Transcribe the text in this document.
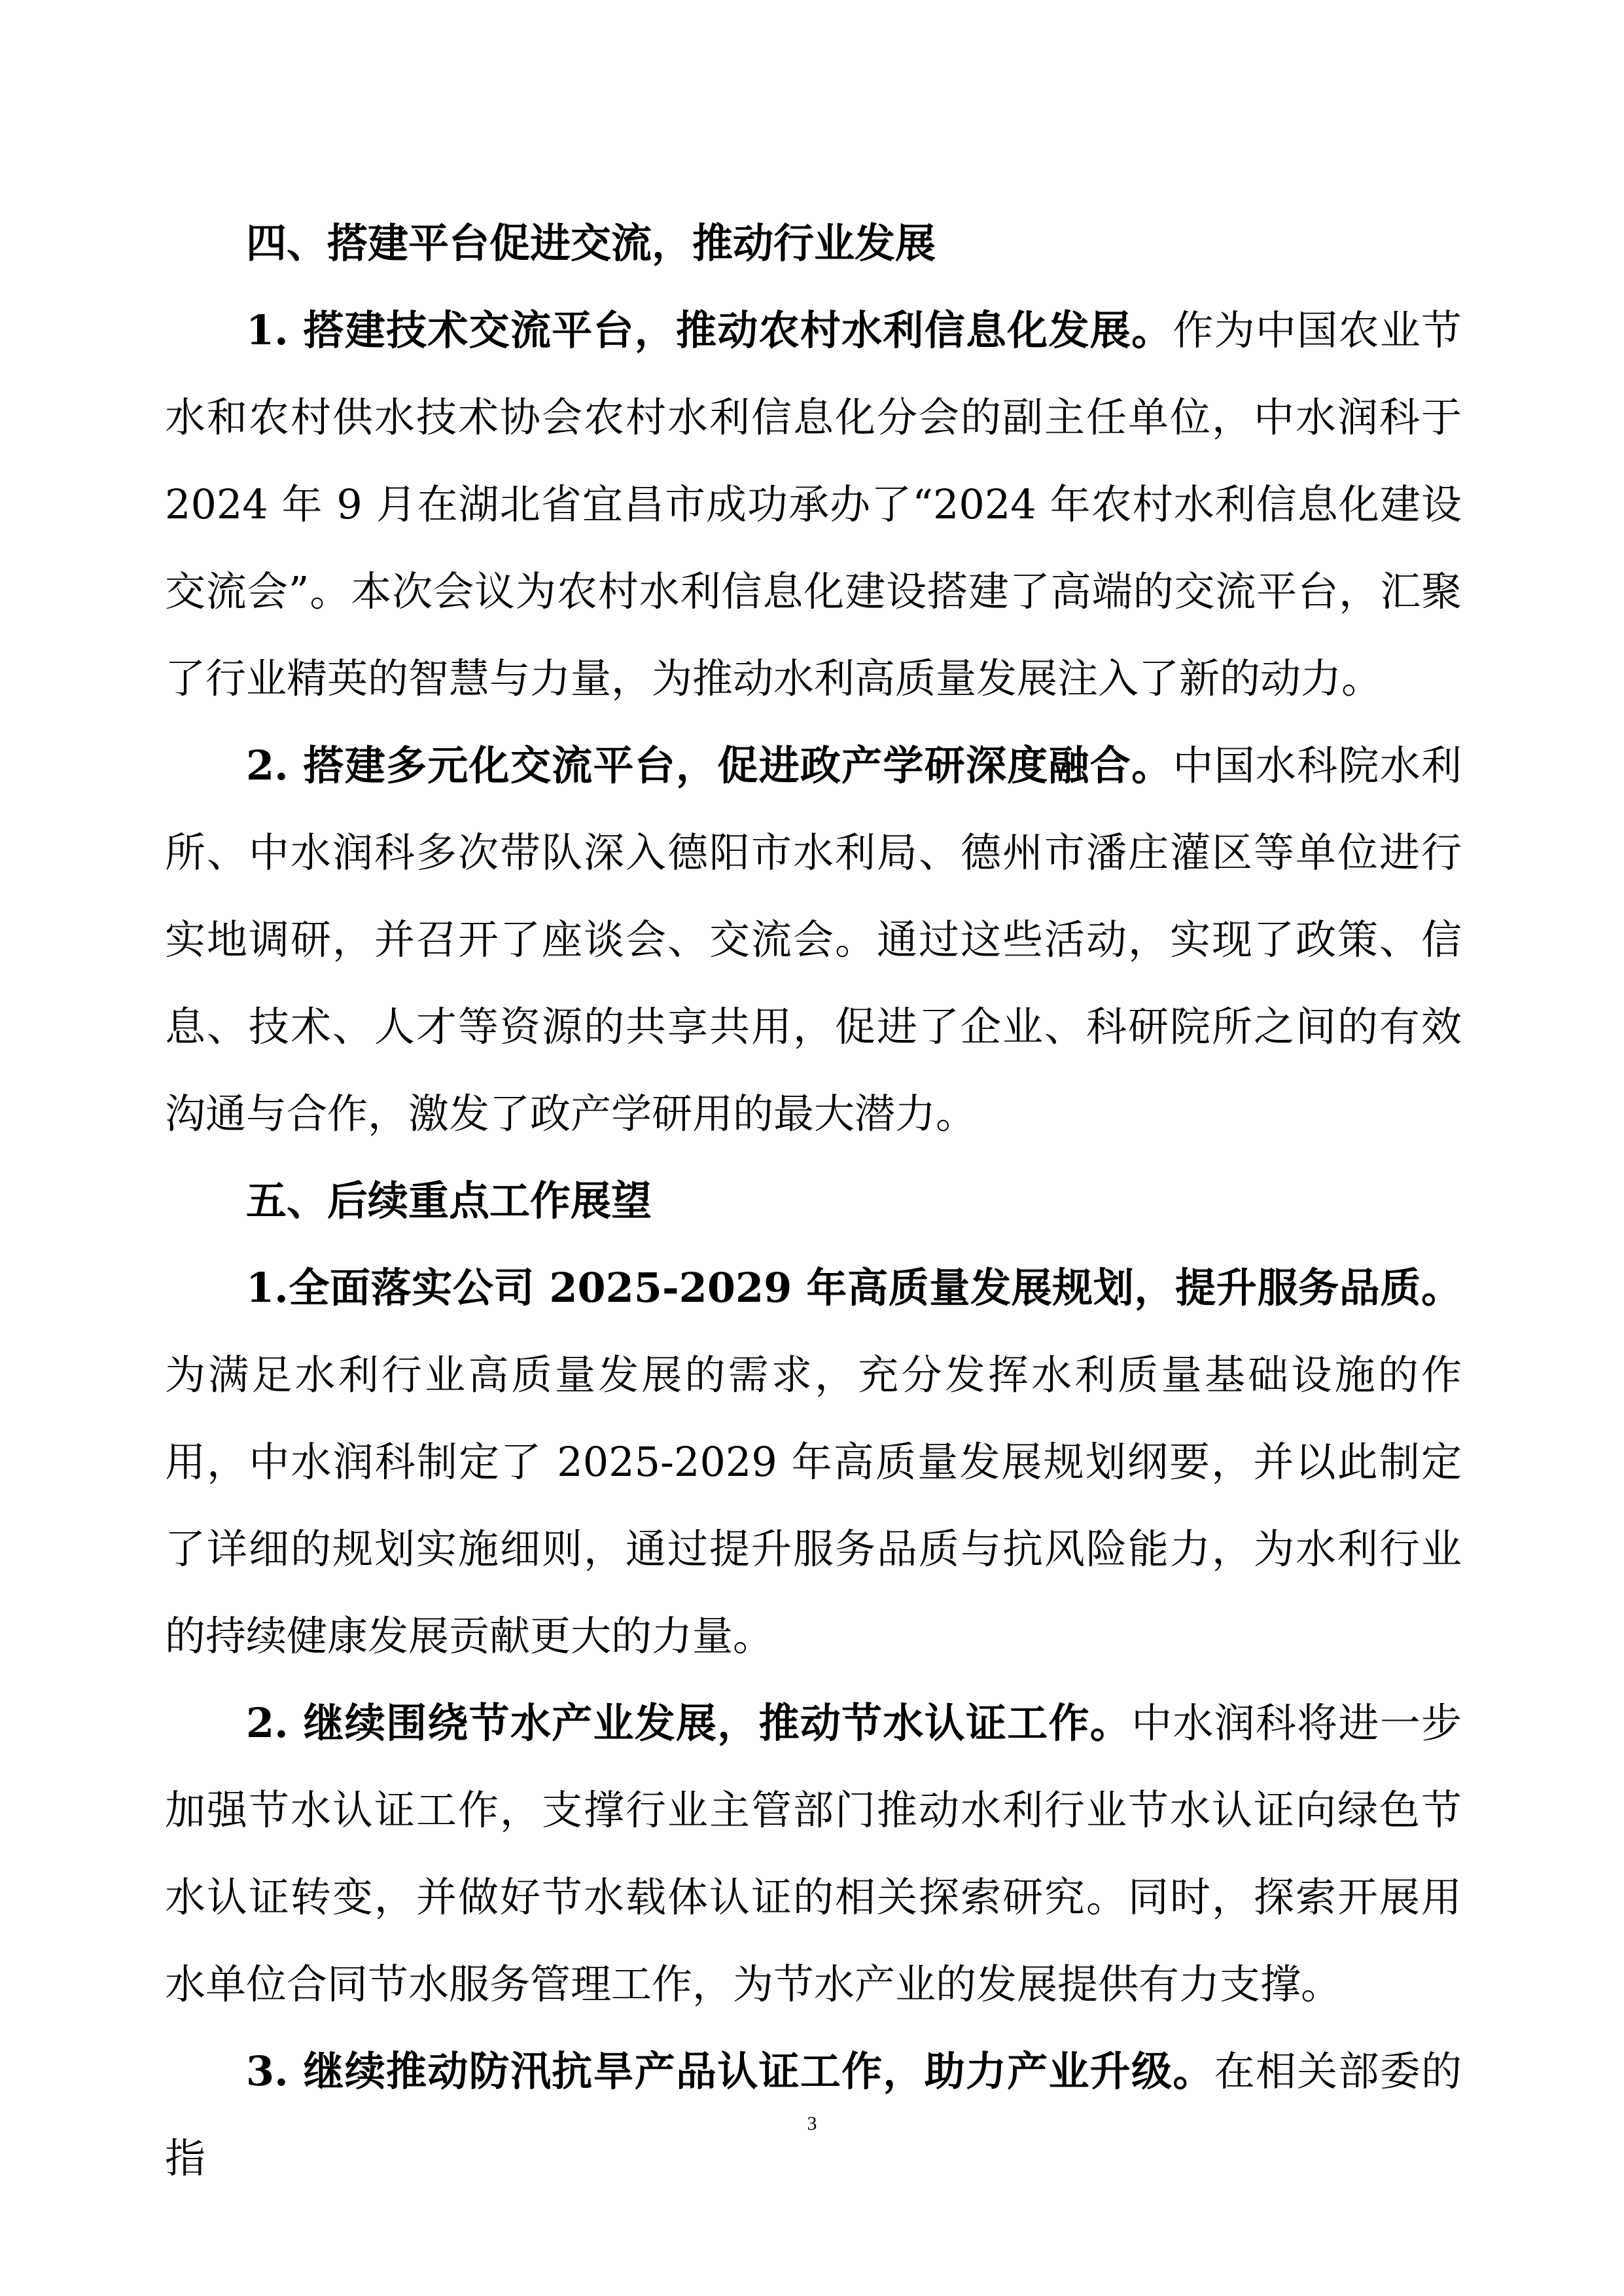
四、搭建平台促进交流，推动行业发展

1. 搭建技术交流平台，推动农村水利信息化发展。作为中国农业节水和农村供水技术协会农村水利信息化分会的副主任单位，中水润科于 2024 年 9 月在湖北省宜昌市成功承办了“2024 年农村水利信息化建设交流会”。本次会议为农村水利信息化建设搭建了高端的交流平台，汇聚了行业精英的智慧与力量，为推动水利高质量发展注入了新的动力。

2. 搭建多元化交流平台，促进政产学研深度融合。中国水科院水利所、中水润科多次带队深入德阳市水利局、德州市潘庄灌区等单位进行实地调研，并召开了座谈会、交流会。通过这些活动，实现了政策、信息、技术、人才等资源的共享共用，促进了企业、科研院所之间的有效沟通与合作，激发了政产学研用的最大潜力。

五、后续重点工作展望

1.全面落实公司 2025-2029 年高质量发展规划，提升服务品质。为满足水利行业高质量发展的需求，充分发挥水利质量基础设施的作用，中水润科制定了 2025-2029 年高质量发展规划纲要，并以此制定了详细的规划实施细则，通过提升服务品质与抗风险能力，为水利行业的持续健康发展贡献更大的力量。

2. 继续围绕节水产业发展，推动节水认证工作。中水润科将进一步加强节水认证工作，支撑行业主管部门推动水利行业节水认证向绿色节水认证转变，并做好节水载体认证的相关探索研究。同时，探索开展用水单位合同节水服务管理工作，为节水产业的发展提供有力支撑。

3. 继续推动防汛抗旱产品认证工作，助力产业升级。在相关部委的指

3
